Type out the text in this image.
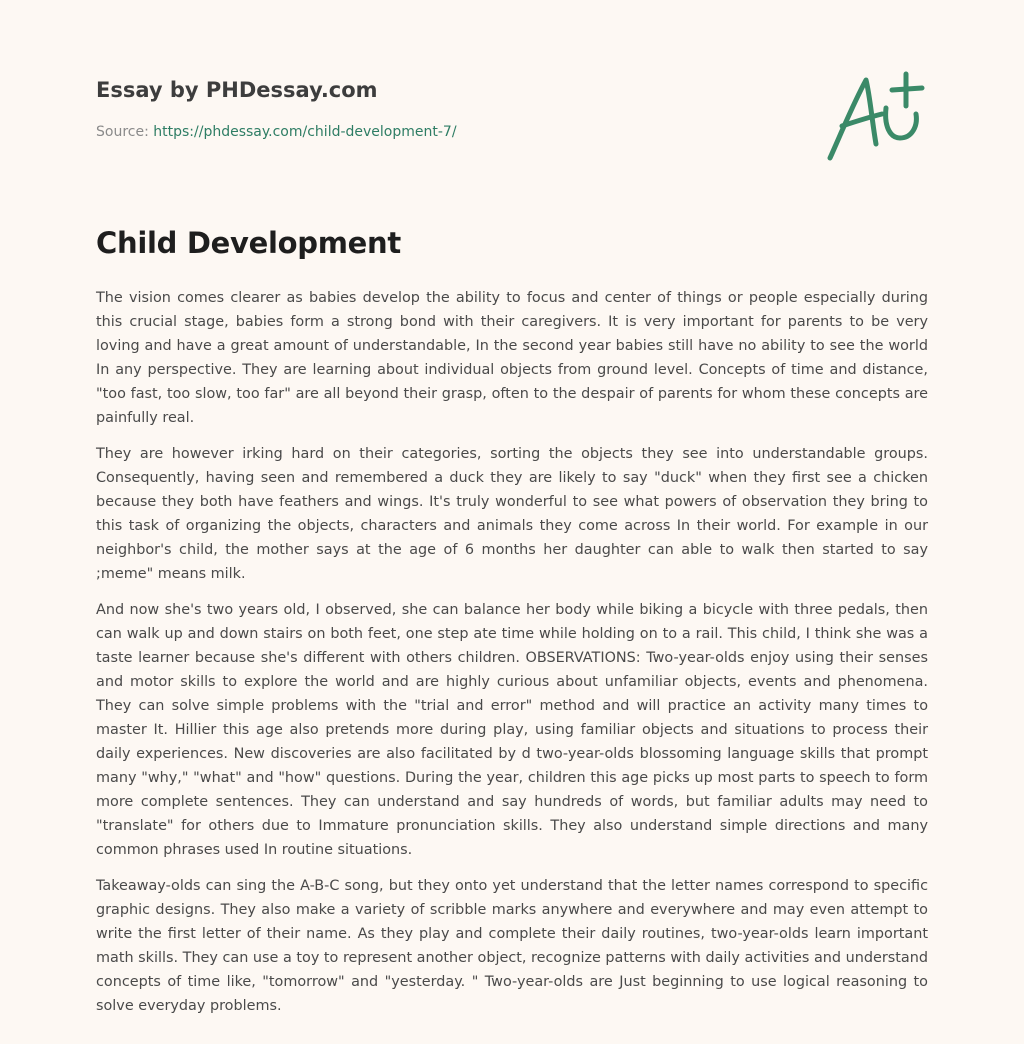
Essay by PHDessay.com
Source: https://phdessay.com/child-development-7/
Child Development

The vision comes clearer as babies develop the ability to focus and center of things or people especially during this crucial stage, babies form a strong bond with their caregivers. It is very important for parents to be very loving and have a great amount of understandable, In the second year babies still have no ability to see the world In any perspective. They are learning about individual objects from ground level. Concepts of time and distance, "too fast, too slow, too far" are all beyond their grasp, often to the despair of parents for whom these concepts are painfully real.

They are however irking hard on their categories, sorting the objects they see into understandable groups. Consequently, having seen and remembered a duck they are likely to say "duck" when they first see a chicken because they both have feathers and wings. It's truly wonderful to see what powers of observation they bring to this task of organizing the objects, characters and animals they come across In their world. For example in our neighbor's child, the mother says at the age of 6 months her daughter can able to walk then started to say ;meme" means milk.

And now she's two years old, I observed, she can balance her body while biking a bicycle with three pedals, then can walk up and down stairs on both feet, one step ate time while holding on to a rail. This child, I think she was a taste learner because she's different with others children. OBSERVATIONS: Two-year-olds enjoy using their senses and motor skills to explore the world and are highly curious about unfamiliar objects, events and phenomena. They can solve simple problems with the "trial and error" method and will practice an activity many times to master It. Hillier this age also pretends more during play, using familiar objects and situations to process their daily experiences. New discoveries are also facilitated by d two-year-olds blossoming language skills that prompt many "why," "what" and "how" questions. During the year, children this age picks up most parts to speech to form more complete sentences. They can understand and say hundreds of words, but familiar adults may need to "translate" for others due to Immature pronunciation skills. They also understand simple directions and many common phrases used In routine situations.

Takeaway-olds can sing the A-B-C song, but they onto yet understand that the letter names correspond to specific graphic designs. They also make a variety of scribble marks anywhere and everywhere and may even attempt to write the first letter of their name. As they play and complete their daily routines, two-year-olds learn important math skills. They can use a toy to represent another object, recognize patterns with daily activities and understand concepts of time like, "tomorrow" and "yesterday. " Two-year-olds are Just beginning to use logical reasoning to solve everyday problems.
